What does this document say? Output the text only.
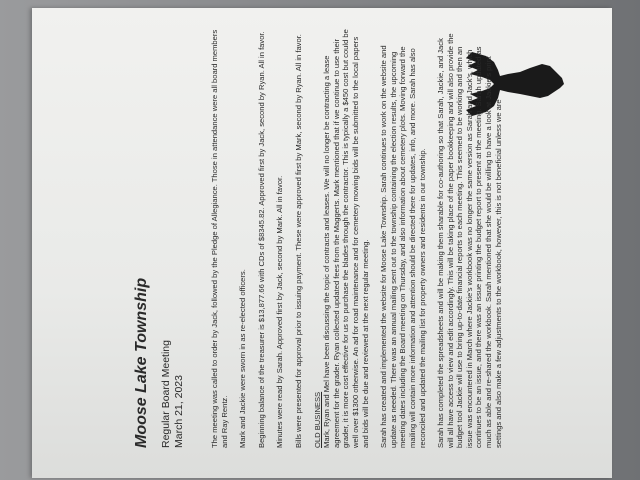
Moose Lake Township Regular Board Meeting March 21, 2023	The meeting was called to order by Jack, followed by the Pledge of Allegiance. Those in attendance were all board members and Ray Rentz. Mark and Jackie were sworn in as re-elected officers. Beginning balance of the treasurer is $13,877.66 with CDs of $8345.82. Approved first by Jack, second by Ryan. All in favor. Minutes were read by Sarah. Approved first by Jack, second by Mark. All in favor. Bills were presented for approval prior to issuing payment. These were approved first by Mark, second by Ryan. All in favor. OLD BUSINESS Mark, Ryan and Mel have been discussing the topic of contracts and leases. We will no longer be contracting a lease agreement for the grader. Ryan collected updated fees from the Maggerts. Mark mentioned that if we continue to use their grader, it is more cost effective for us to purchase the blades through the contractor. This is typically a $450 cost but could be well over $1300 otherwise. An ad for road maintenance and for cemetery mowing bids will be submitted to the local papers and bids will be due and reviewed at the next regular meeting. Sarah has created and implemented the website for Moose Lake Township. Sarah continues to work on the website and update as needed. There was an annual mailing sent out to the township containing the election results, the upcoming meeting dates including the Board meeting on Thursday, and also information about cemetery plots. Moving forward the mailing will contain more information and attention should be directed there for updates, info, and more. Sarah has also reconciled and updated the mailing list for property owners and residents in our township. Sarah has completed the spreadsheets and will be making them sharable for co-authoring so that Sarah, Jackie, and Jack will all have access to view and edit accordingly. This will be taking place of the paper bookkeeping and will also provide the budget tool Jackie will use to bring up-to-date financial reports to each meeting. This seemed to be working and then an issue was encountered in March where Jackie's workbook was no longer the same version as Sarah and Jack's, which continues to be an issue, and there was an issue printing the budget report to present at the meeting. Sarah updated as much as able and re-shared the workbook. Sarah mentioned that she would be willing to have a look at Jackie's print settings and also make a few adjustments to the workbook, however, this is not beneficial unless we are
